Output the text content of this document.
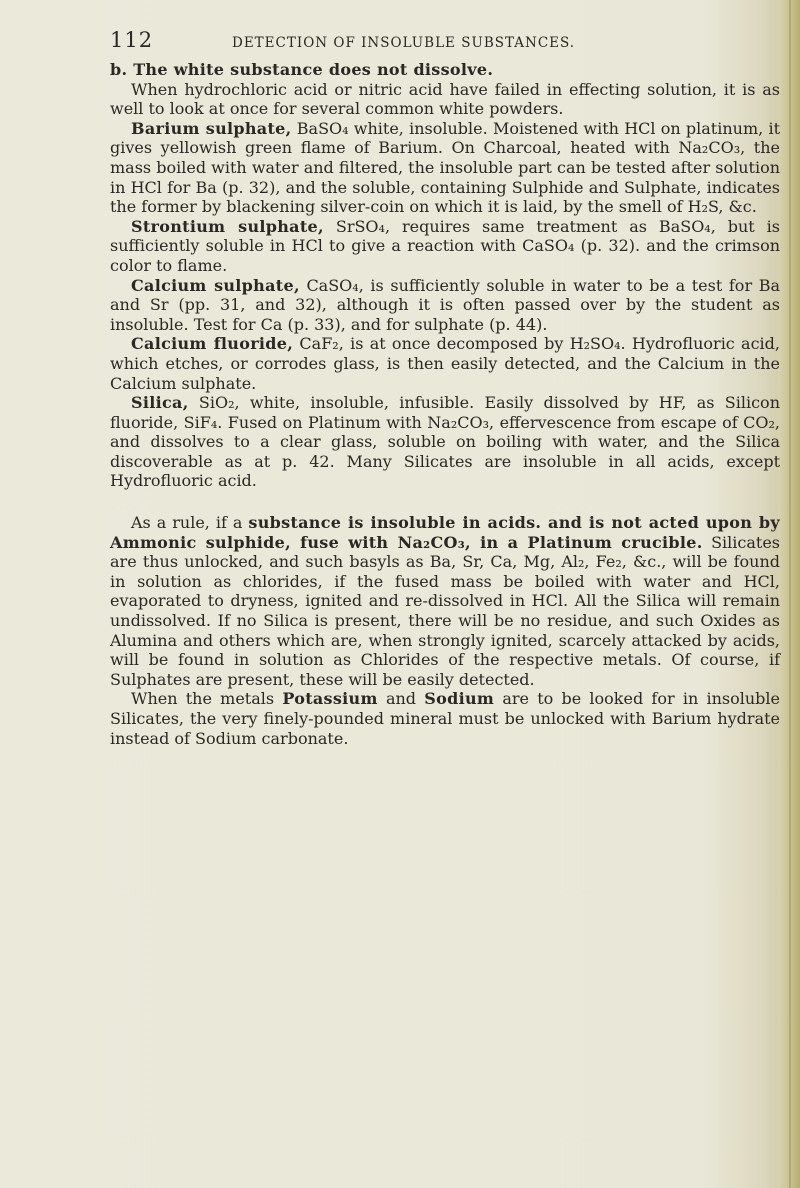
112	DETECTION OF INSOLUBLE SUBSTANCES.

b. The white substance does not dissolve.

When hydrochloric acid or nitric acid have failed in effecting solution, it is as well to look at once for several common white powders.

Barium sulphate, BaSO₄ white, insoluble. Moistened with HCl on platinum, it gives yellowish green flame of Barium. On Charcoal, heated with Na₂CO₃, the mass boiled with water and filtered, the insoluble part can be tested after solution in HCl for Ba (p. 32), and the soluble, containing Sulphide and Sulphate, indicates the former by blackening silver-coin on which it is laid, by the smell of H₂S, &c.

Strontium sulphate, SrSO₄, requires same treatment as BaSO₄, but is sufficiently soluble in HCl to give a reaction with CaSO₄ (p. 32). and the crimson color to flame.

Calcium sulphate, CaSO₄, is sufficiently soluble in water to be a test for Ba and Sr (pp. 31, and 32), although it is often passed over by the student as insoluble. Test for Ca (p. 33), and for sulphate (p. 44).

Calcium fluoride, CaF₂, is at once decomposed by H₂SO₄. Hydrofluoric acid, which etches, or corrodes glass, is then easily detected, and the Calcium in the Calcium sulphate.

Silica, SiO₂, white, insoluble, infusible. Easily dissolved by HF, as Silicon fluoride, SiF₄. Fused on Platinum with Na₂CO₃, effervescence from escape of CO₂, and dissolves to a clear glass, soluble on boiling with water, and the Silica discoverable as at p. 42. Many Silicates are insoluble in all acids, except Hydrofluoric acid.

As a rule, if a substance is insoluble in acids. and is not acted upon by Ammonic sulphide, fuse with Na₂CO₃, in a Platinum crucible. Silicates are thus unlocked, and such basyls as Ba, Sr, Ca, Mg, Al₂, Fe₂, &c., will be found in solution as chlorides, if the fused mass be boiled with water and HCl, evaporated to dryness, ignited and re-dissolved in HCl. All the Silica will remain undissolved. If no Silica is present, there will be no residue, and such Oxides as Alumina and others which are, when strongly ignited, scarcely attacked by acids, will be found in solution as Chlorides of the respective metals. Of course, if Sulphates are present, these will be easily detected.

When the metals Potassium and Sodium are to be looked for in insoluble Silicates, the very finely-pounded mineral must be unlocked with Barium hydrate instead of Sodium carbonate.
